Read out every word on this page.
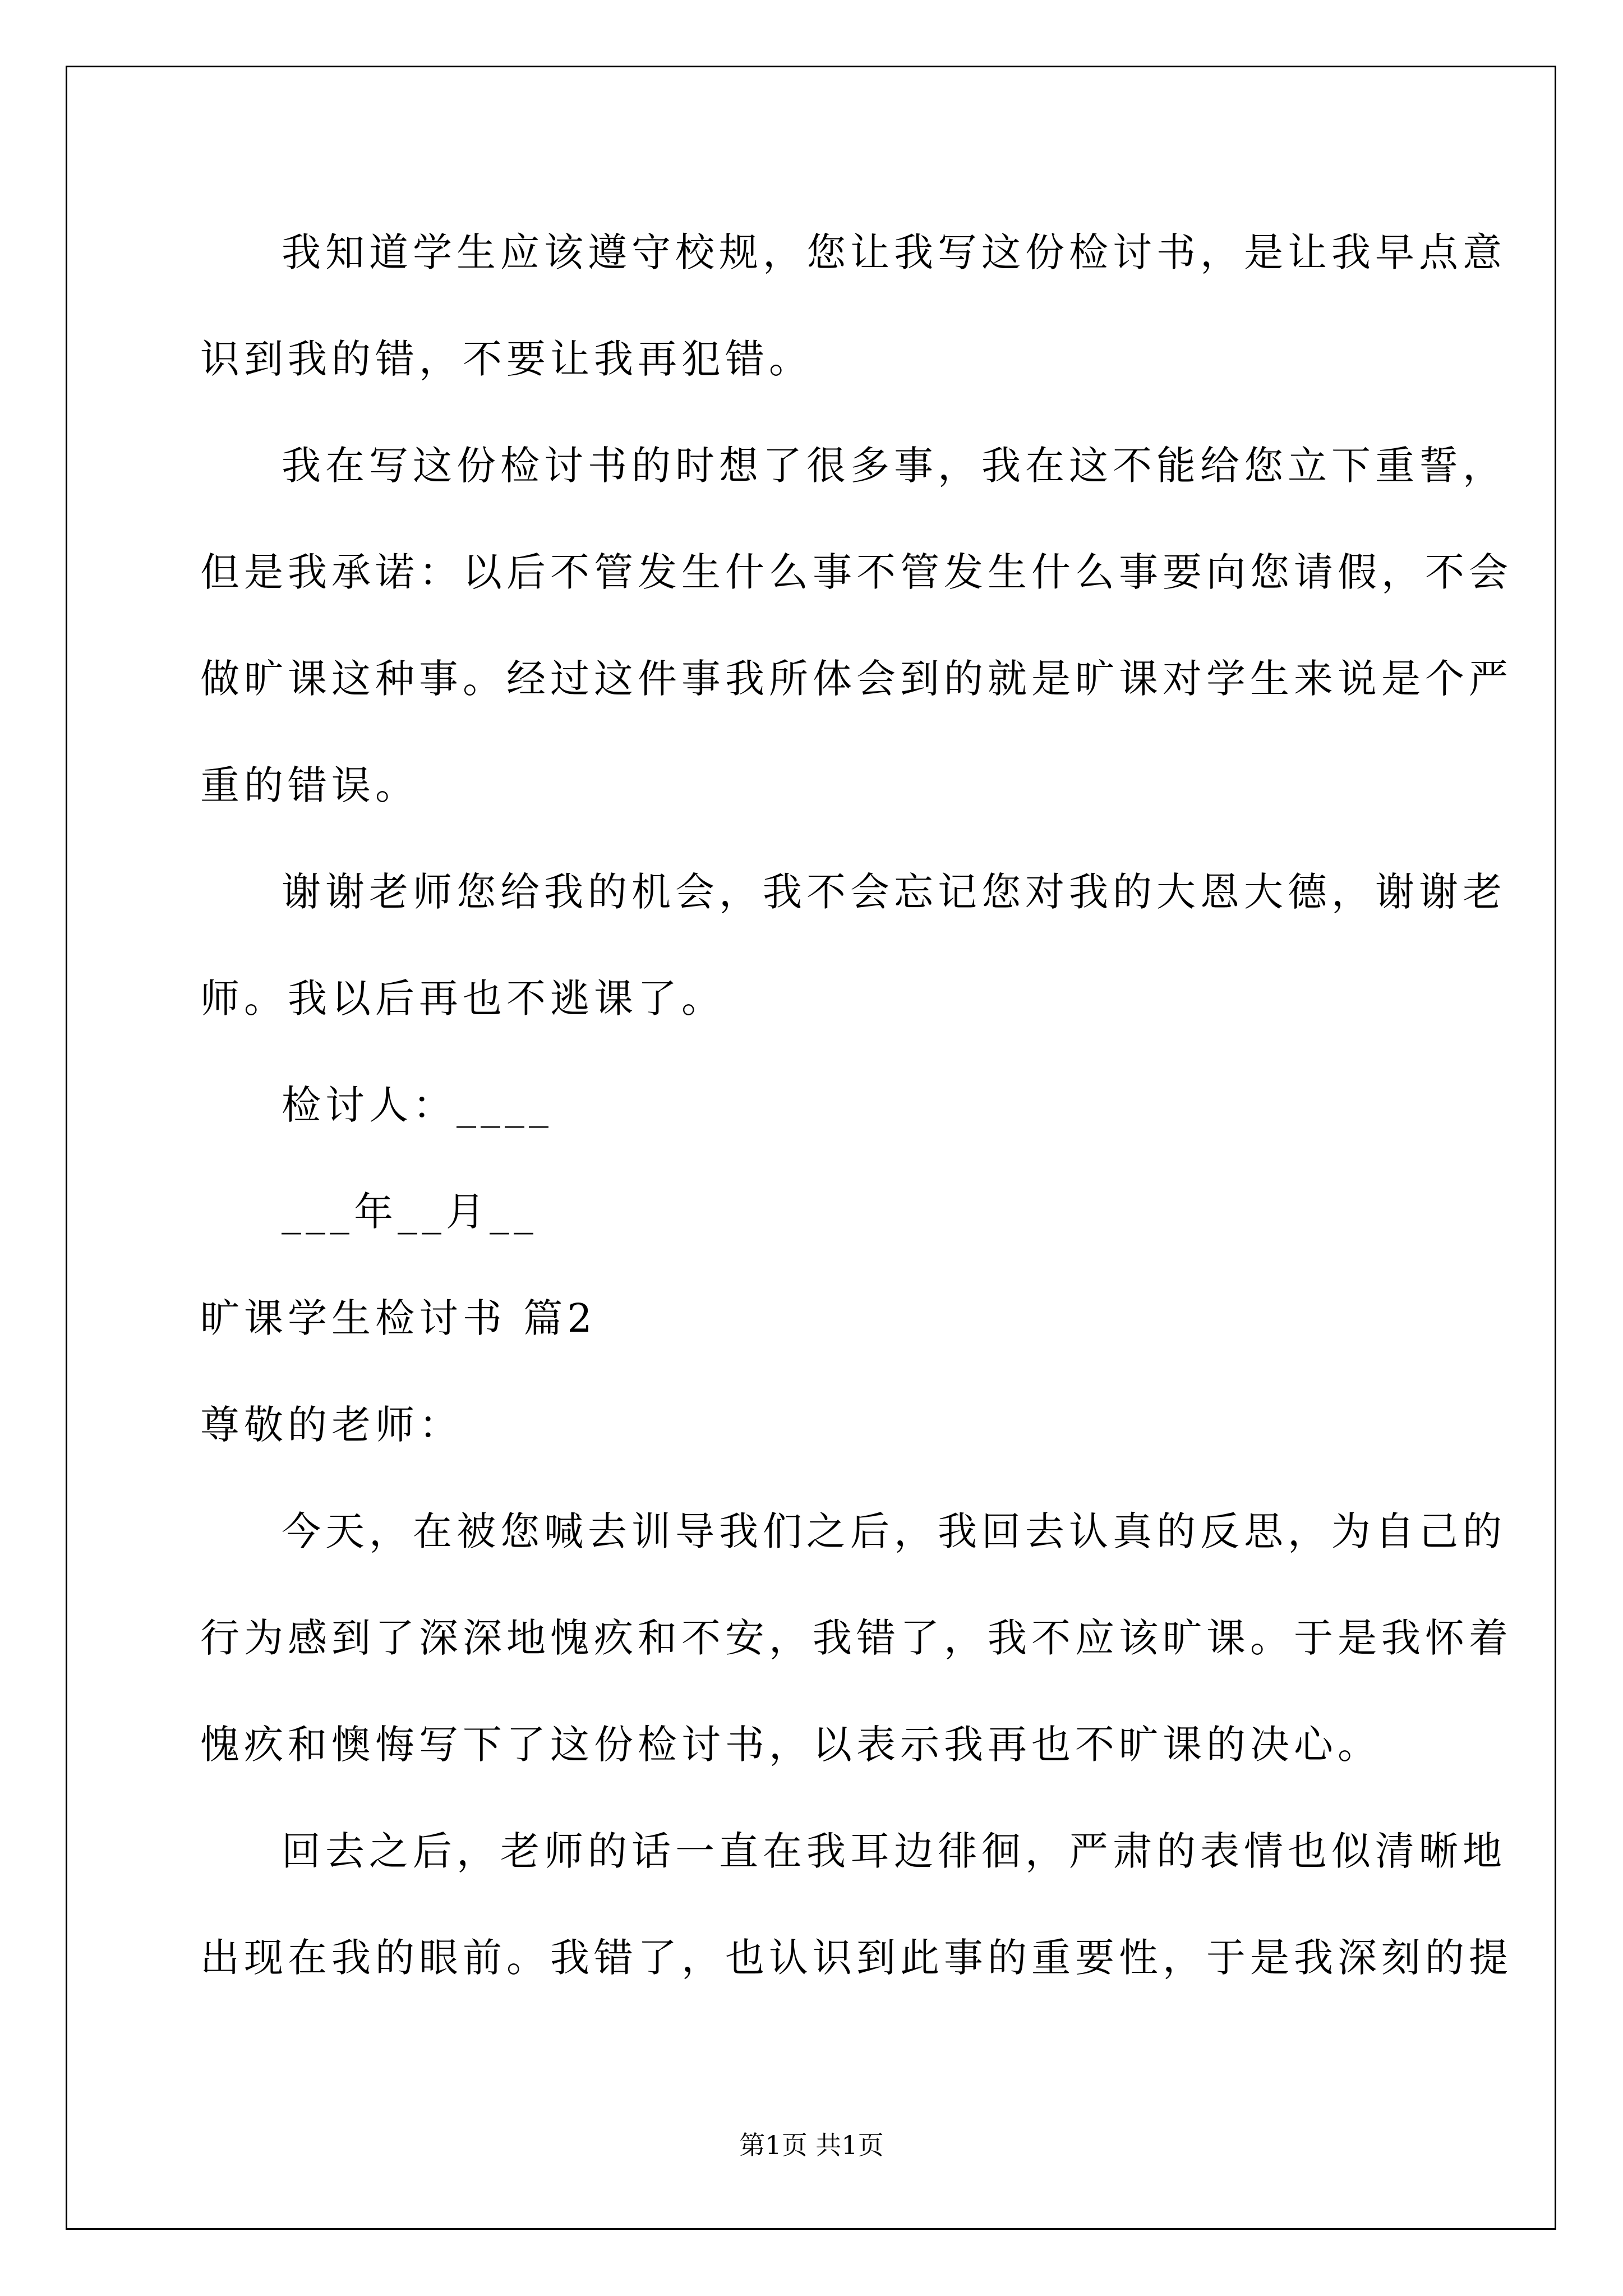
我知道学生应该遵守校规，您让我写这份检讨书，是让我早点意
识到我的错，不要让我再犯错。
我在写这份检讨书的时想了很多事，我在这不能给您立下重誓，
但是我承诺：以后不管发生什么事不管发生什么事要向您请假，不会
做旷课这种事。经过这件事我所体会到的就是旷课对学生来说是个严
重的错误。
谢谢老师您给我的机会，我不会忘记您对我的大恩大德，谢谢老
师。我以后再也不逃课了。
检讨人：____
___年__月__
旷课学生检讨书 篇2
尊敬的老师：
今天，在被您喊去训导我们之后，我回去认真的反思，为自己的
行为感到了深深地愧疚和不安，我错了，我不应该旷课。于是我怀着
愧疚和懊悔写下了这份检讨书，以表示我再也不旷课的决心。
回去之后，老师的话一直在我耳边徘徊，严肃的表情也似清晰地
出现在我的眼前。我错了，也认识到此事的重要性，于是我深刻的提
第1页 共1页
